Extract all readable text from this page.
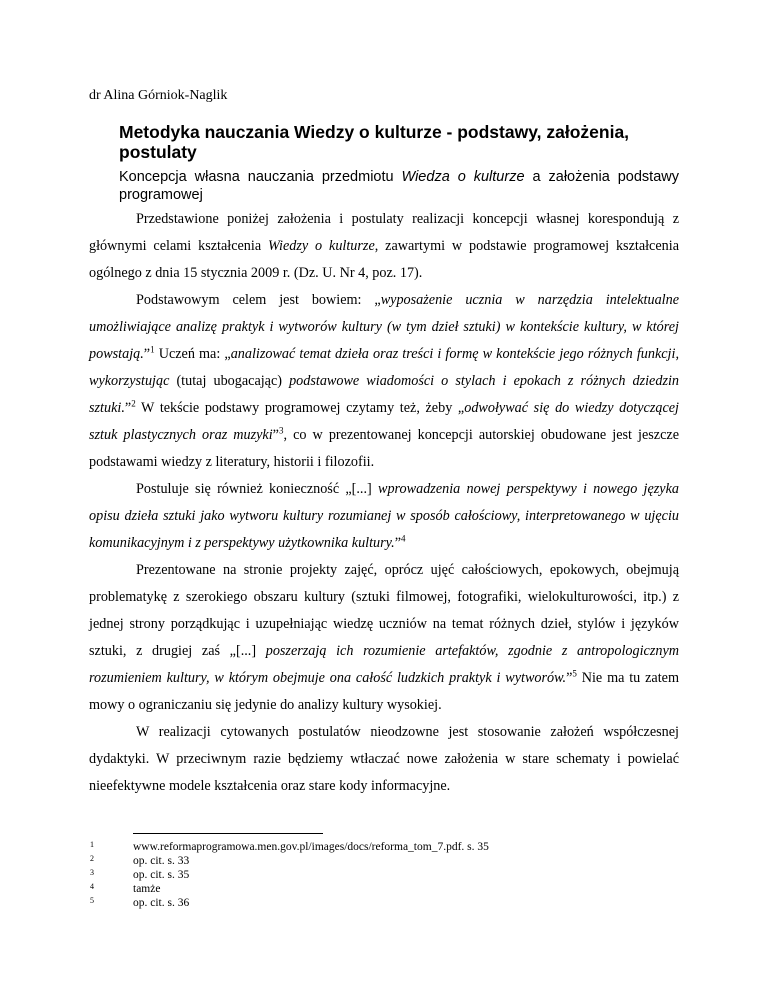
dr Alina Górniok-Naglik
Metodyka nauczania Wiedzy o kulturze - podstawy, założenia, postulaty
Koncepcja własna nauczania przedmiotu Wiedza o kulturze a założenia podstawy programowej

Przedstawione poniżej założenia i postulaty realizacji koncepcji własnej korespondują z głównymi celami kształcenia Wiedzy o kulturze, zawartymi w podstawie programowej kształcenia ogólnego z dnia 15 stycznia 2009 r. (Dz. U. Nr 4, poz. 17).

Podstawowym celem jest bowiem: „wyposażenie ucznia w narzędzia intelektualne umożliwiające analizę praktyk i wytworów kultury (w tym dzieł sztuki) w kontekście kultury, w której powstają.”$^1$ Uczeń ma: „analizować temat dzieła oraz treści i formę w kontekście jego różnych funkcji, wykorzystując (tutaj ubogacając) podstawowe wiadomości o stylach i epokach z różnych dziedzin sztuki.”$^2$ W tekście podstawy programowej czytamy też, żeby „odwoływać się do wiedzy dotyczącej sztuk plastycznych oraz muzyki”$^3$, co w prezentowanej koncepcji autorskiej obudowane jest jeszcze podstawami wiedzy z literatury, historii i filozofii.

Postuluje się również konieczność „[...] wprowadzenia nowej perspektywy i nowego języka opisu dzieła sztuki jako wytworu kultury rozumianej w sposób całościowy, interpretowanego w ujęciu komunikacyjnym i z perspektywy użytkownika kultury.”$^4$

Prezentowane na stronie projekty zajęć, oprócz ujęć całościowych, epokowych, obejmują problematykę z szerokiego obszaru kultury (sztuki filmowej, fotografiki, wielokulturowości, itp.) z jednej strony porządkując i uzupełniając wiedzę uczniów na temat różnych dzieł, stylów i języków sztuki, z drugiej zaś „[...] poszerzają ich rozumienie artefaktów, zgodnie z antropologicznym rozumieniem kultury, w którym obejmuje ona całość ludzkich praktyk i wytworów.”$^5$ Nie ma tu zatem mowy o ograniczaniu się jedynie do analizy kultury wysokiej.

W realizacji cytowanych postulatów nieodzowne jest stosowanie założeń współczesnej dydaktyki. W przeciwnym razie będziemy wtłaczać nowe założenia w stare schematy i powielać nieefektywne modele kształcenia oraz stare kody informacyjne.

1	www.reformaprogramowa.men.gov.pl/images/docs/reforma_tom_7.pdf. s. 35
2	op. cit. s. 33
3	op. cit. s. 35
4	tamże
5	op. cit. s. 36
